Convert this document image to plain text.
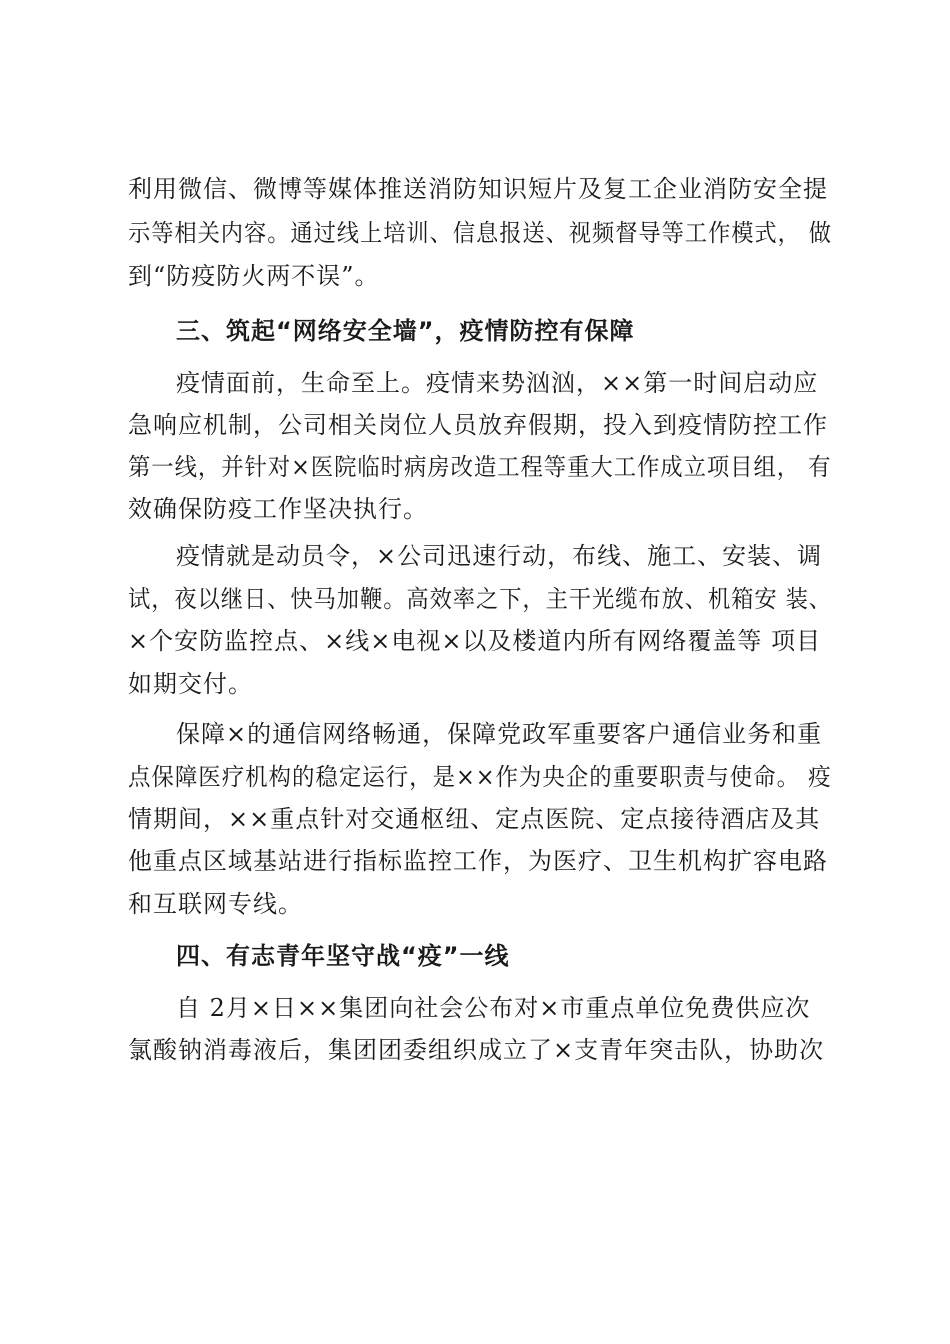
利用微信、微博等媒体推送消防知识短片及复工企业消防安全提
示等相关内容。通过线上培训、信息报送、视频督导等工作模式， 做
到“防疫防火两不误”。
三、筑起“网络安全墙”，疫情防控有保障
疫情面前，生命至上。疫情来势汹汹，××第一时间启动应
急响应机制，公司相关岗位人员放弃假期，投入到疫情防控工作
第一线，并针对×医院临时病房改造工程等重大工作成立项目组， 有
效确保防疫工作坚决执行。
疫情就是动员令，×公司迅速行动，布线、施工、安装、调
试，夜以继日、快马加鞭。高效率之下，主干光缆布放、机箱安 装、
×个安防监控点、×线×电视×以及楼道内所有网络覆盖等 项目
如期交付。
保障×的通信网络畅通，保障党政军重要客户通信业务和重
点保障医疗机构的稳定运行，是××作为央企的重要职责与使命。 疫
情期间，××重点针对交通枢纽、定点医院、定点接待酒店及其
他重点区域基站进行指标监控工作，为医疗、卫生机构扩容电路
和互联网专线。
四、有志青年坚守战“疫”一线
自 2月×日××集团向社会公布对×市重点单位免费供应次
氯酸钠消毒液后，集团团委组织成立了×支青年突击队，协助次
